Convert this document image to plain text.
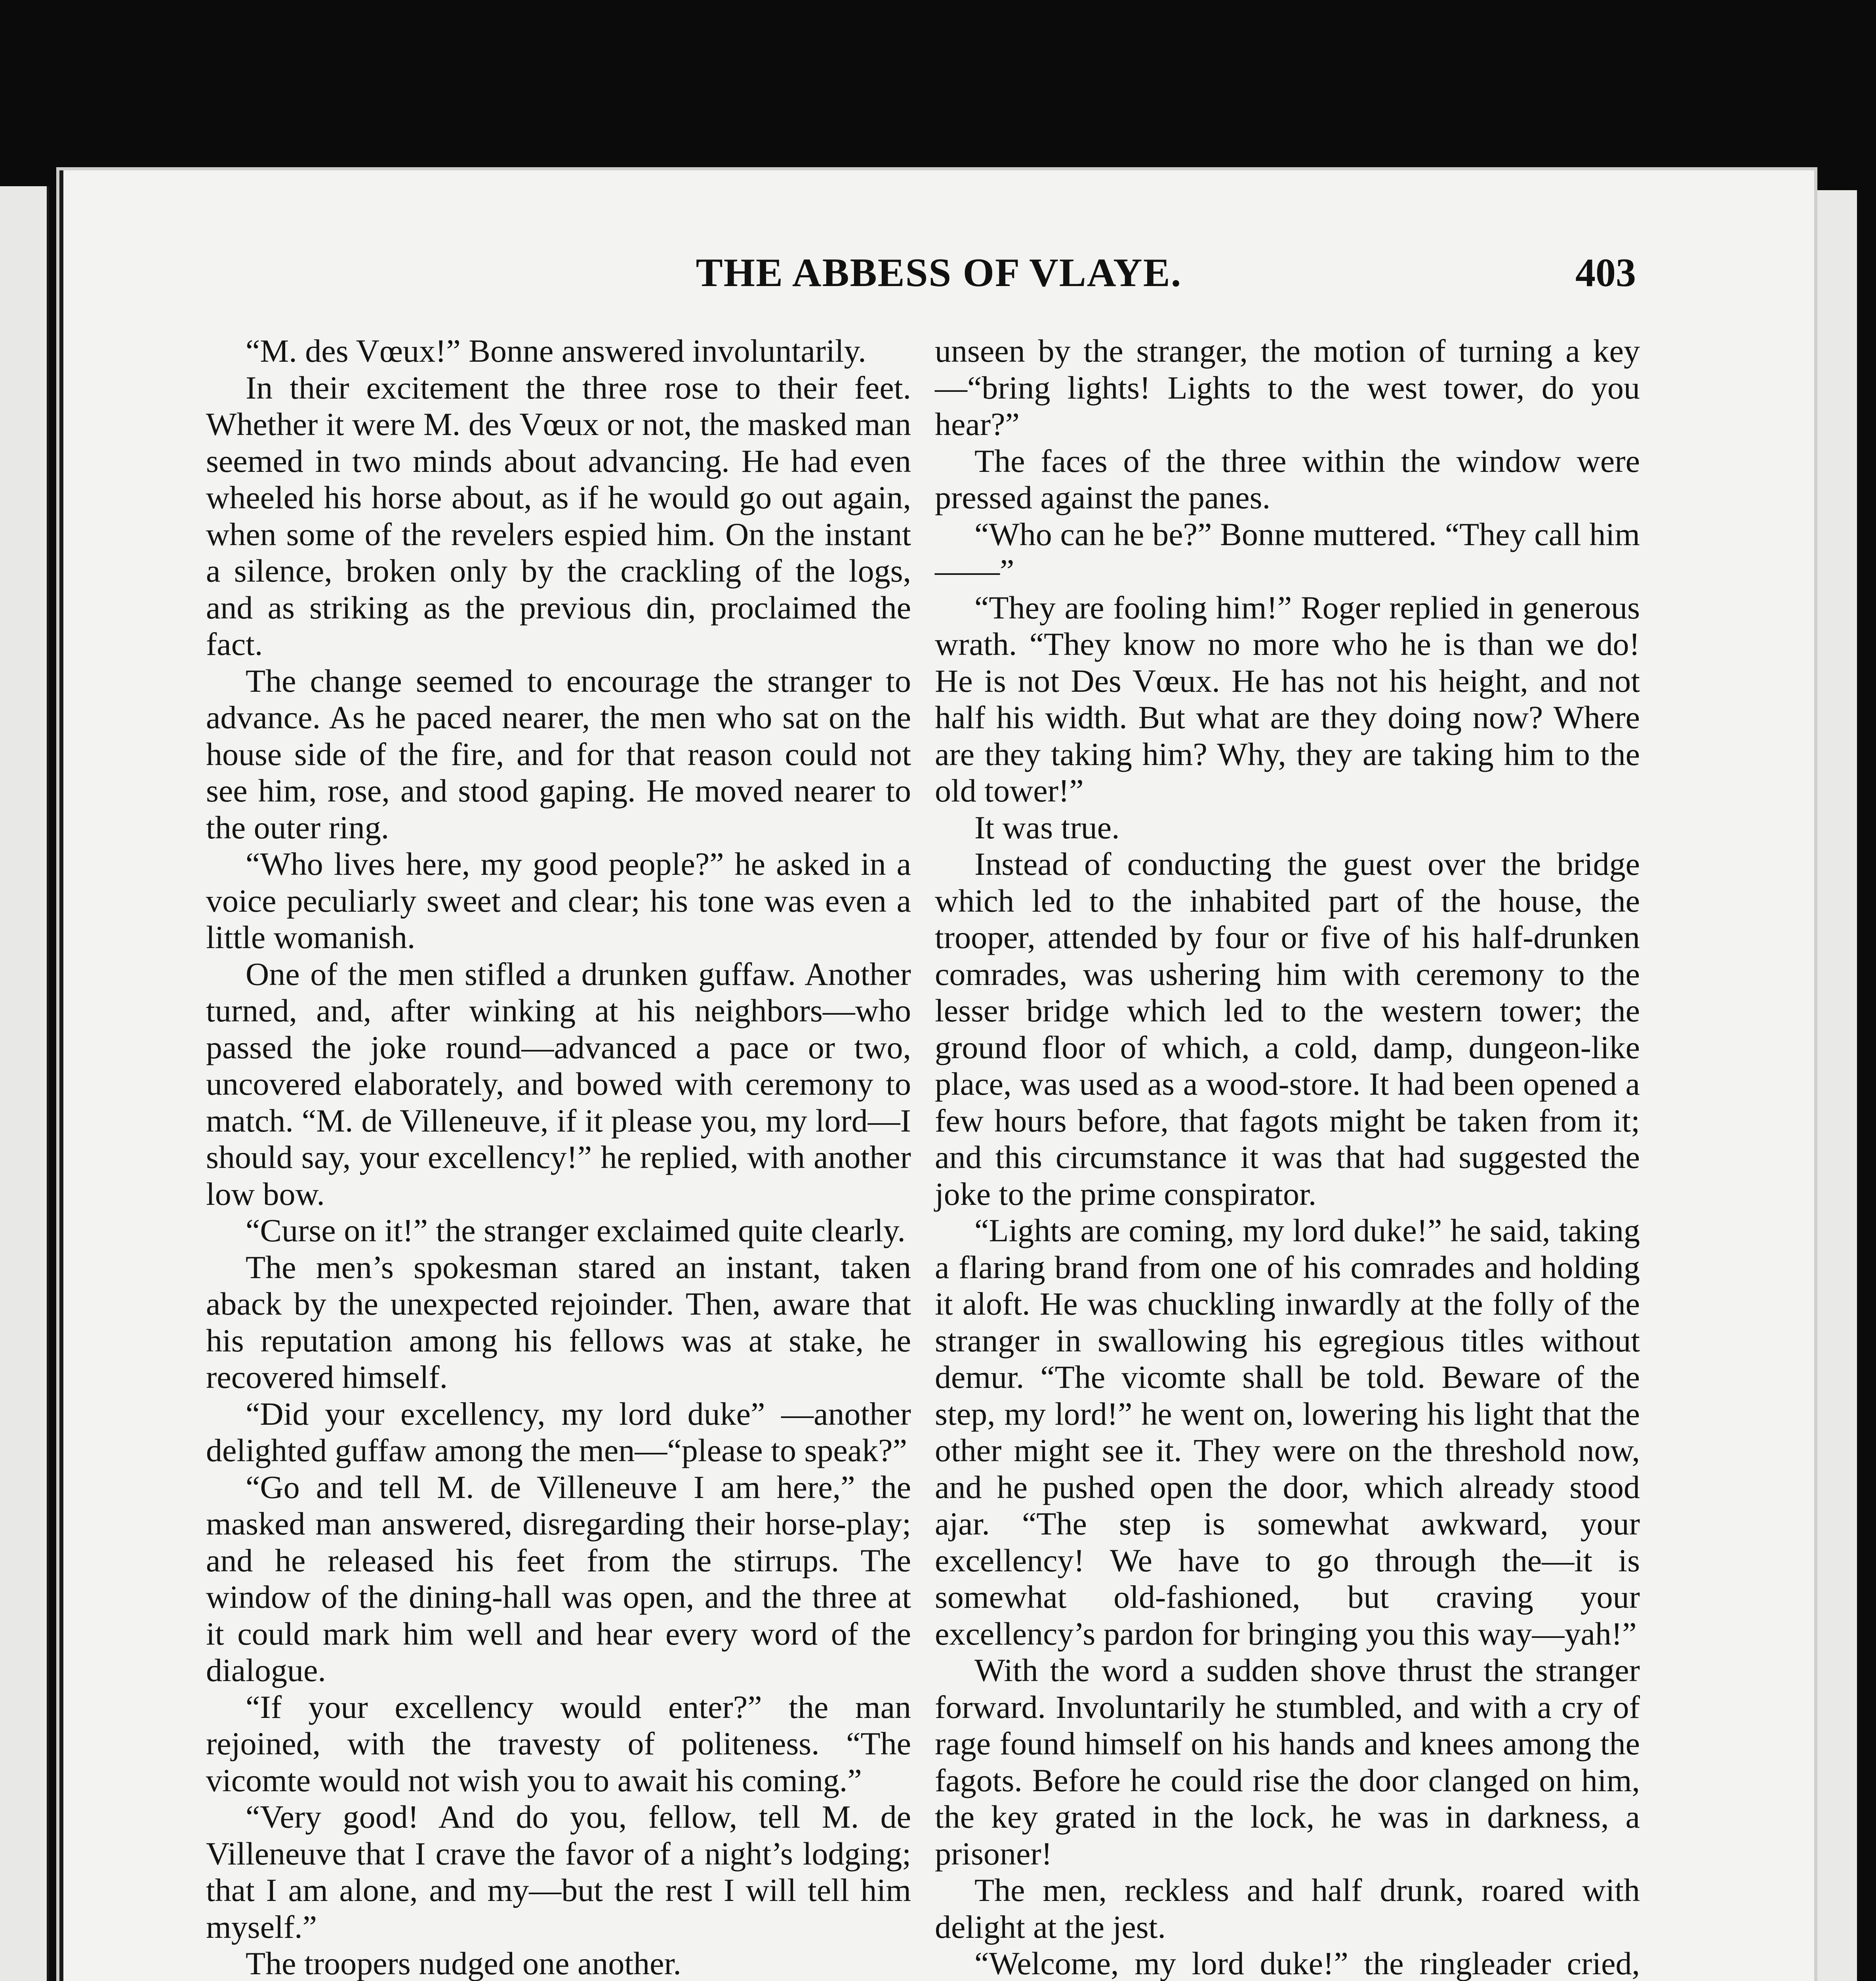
THE ABBESS OF VLAYE.	403

“M. des Vœux!” Bonne answered involuntarily.

In their excitement the three rose to their feet. Whether it were M. des Vœux or not, the masked man seemed in two minds about advancing. He had even wheeled his horse about, as if he would go out again, when some of the revelers espied him. On the instant a silence, broken only by the crackling of the logs, and as striking as the previous din, proclaimed the fact.

The change seemed to encourage the stranger to advance. As he paced nearer, the men who sat on the house side of the fire, and for that reason could not see him, rose, and stood gaping. He moved nearer to the outer ring.

“Who lives here, my good people?” he asked in a voice peculiarly sweet and clear; his tone was even a little womanish.

One of the men stifled a drunken guffaw. Another turned, and, after winking at his neighbors—who passed the joke round—advanced a pace or two, uncovered elaborately, and bowed with ceremony to match. “M. de Villeneuve, if it please you, my lord—I should say, your excellency!” he replied, with another low bow.

“Curse on it!” the stranger exclaimed quite clearly.

The men’s spokesman stared an instant, taken aback by the unexpected rejoinder. Then, aware that his reputation among his fellows was at stake, he recovered himself.

“Did your excellency, my lord duke” —another delighted guffaw among the men—“please to speak?”

“Go and tell M. de Villeneuve I am here,” the masked man answered, disregarding their horse-play; and he released his feet from the stirrups. The window of the dining-hall was open, and the three at it could mark him well and hear every word of the dialogue.

“If your excellency would enter?” the man rejoined, with the travesty of politeness. “The vicomte would not wish you to await his coming.”

“Very good! And do you, fellow, tell M. de Villeneuve that I crave the favor of a night’s lodging; that I am alone, and my—but the rest I will tell him myself.”

The troopers nudged one another.

unseen by the stranger, the motion of turning a key—“bring lights! Lights to the west tower, do you hear?”

The faces of the three within the window were pressed against the panes.

“Who can he be?” Bonne muttered. “They call him——”

“They are fooling him!” Roger replied in generous wrath. “They know no more who he is than we do! He is not Des Vœux. He has not his height, and not half his width. But what are they doing now? Where are they taking him? Why, they are taking him to the old tower!”

It was true.

Instead of conducting the guest over the bridge which led to the inhabited part of the house, the trooper, attended by four or five of his half-drunken comrades, was ushering him with ceremony to the lesser bridge which led to the western tower; the ground floor of which, a cold, damp, dungeon-like place, was used as a wood-store. It had been opened a few hours before, that fagots might be taken from it; and this circumstance it was that had suggested the joke to the prime conspirator.

“Lights are coming, my lord duke!” he said, taking a flaring brand from one of his comrades and holding it aloft. He was chuckling inwardly at the folly of the stranger in swallowing his egregious titles without demur. “The vicomte shall be told. Beware of the step, my lord!” he went on, lowering his light that the other might see it. They were on the threshold now, and he pushed open the door, which already stood ajar. “The step is somewhat awkward, your excellency! We have to go through the—it is somewhat old-fashioned, but craving your excellency’s pardon for bringing you this way—yah!”

With the word a sudden shove thrust the stranger forward. Involuntarily he stumbled, and with a cry of rage found himself on his hands and knees among the fagots. Before he could rise the door clanged on him, the key grated in the lock, he was in darkness, a prisoner!

The men, reckless and half drunk, roared with delight at the jest.

“Welcome, my lord duke!” the ringleader cried,
